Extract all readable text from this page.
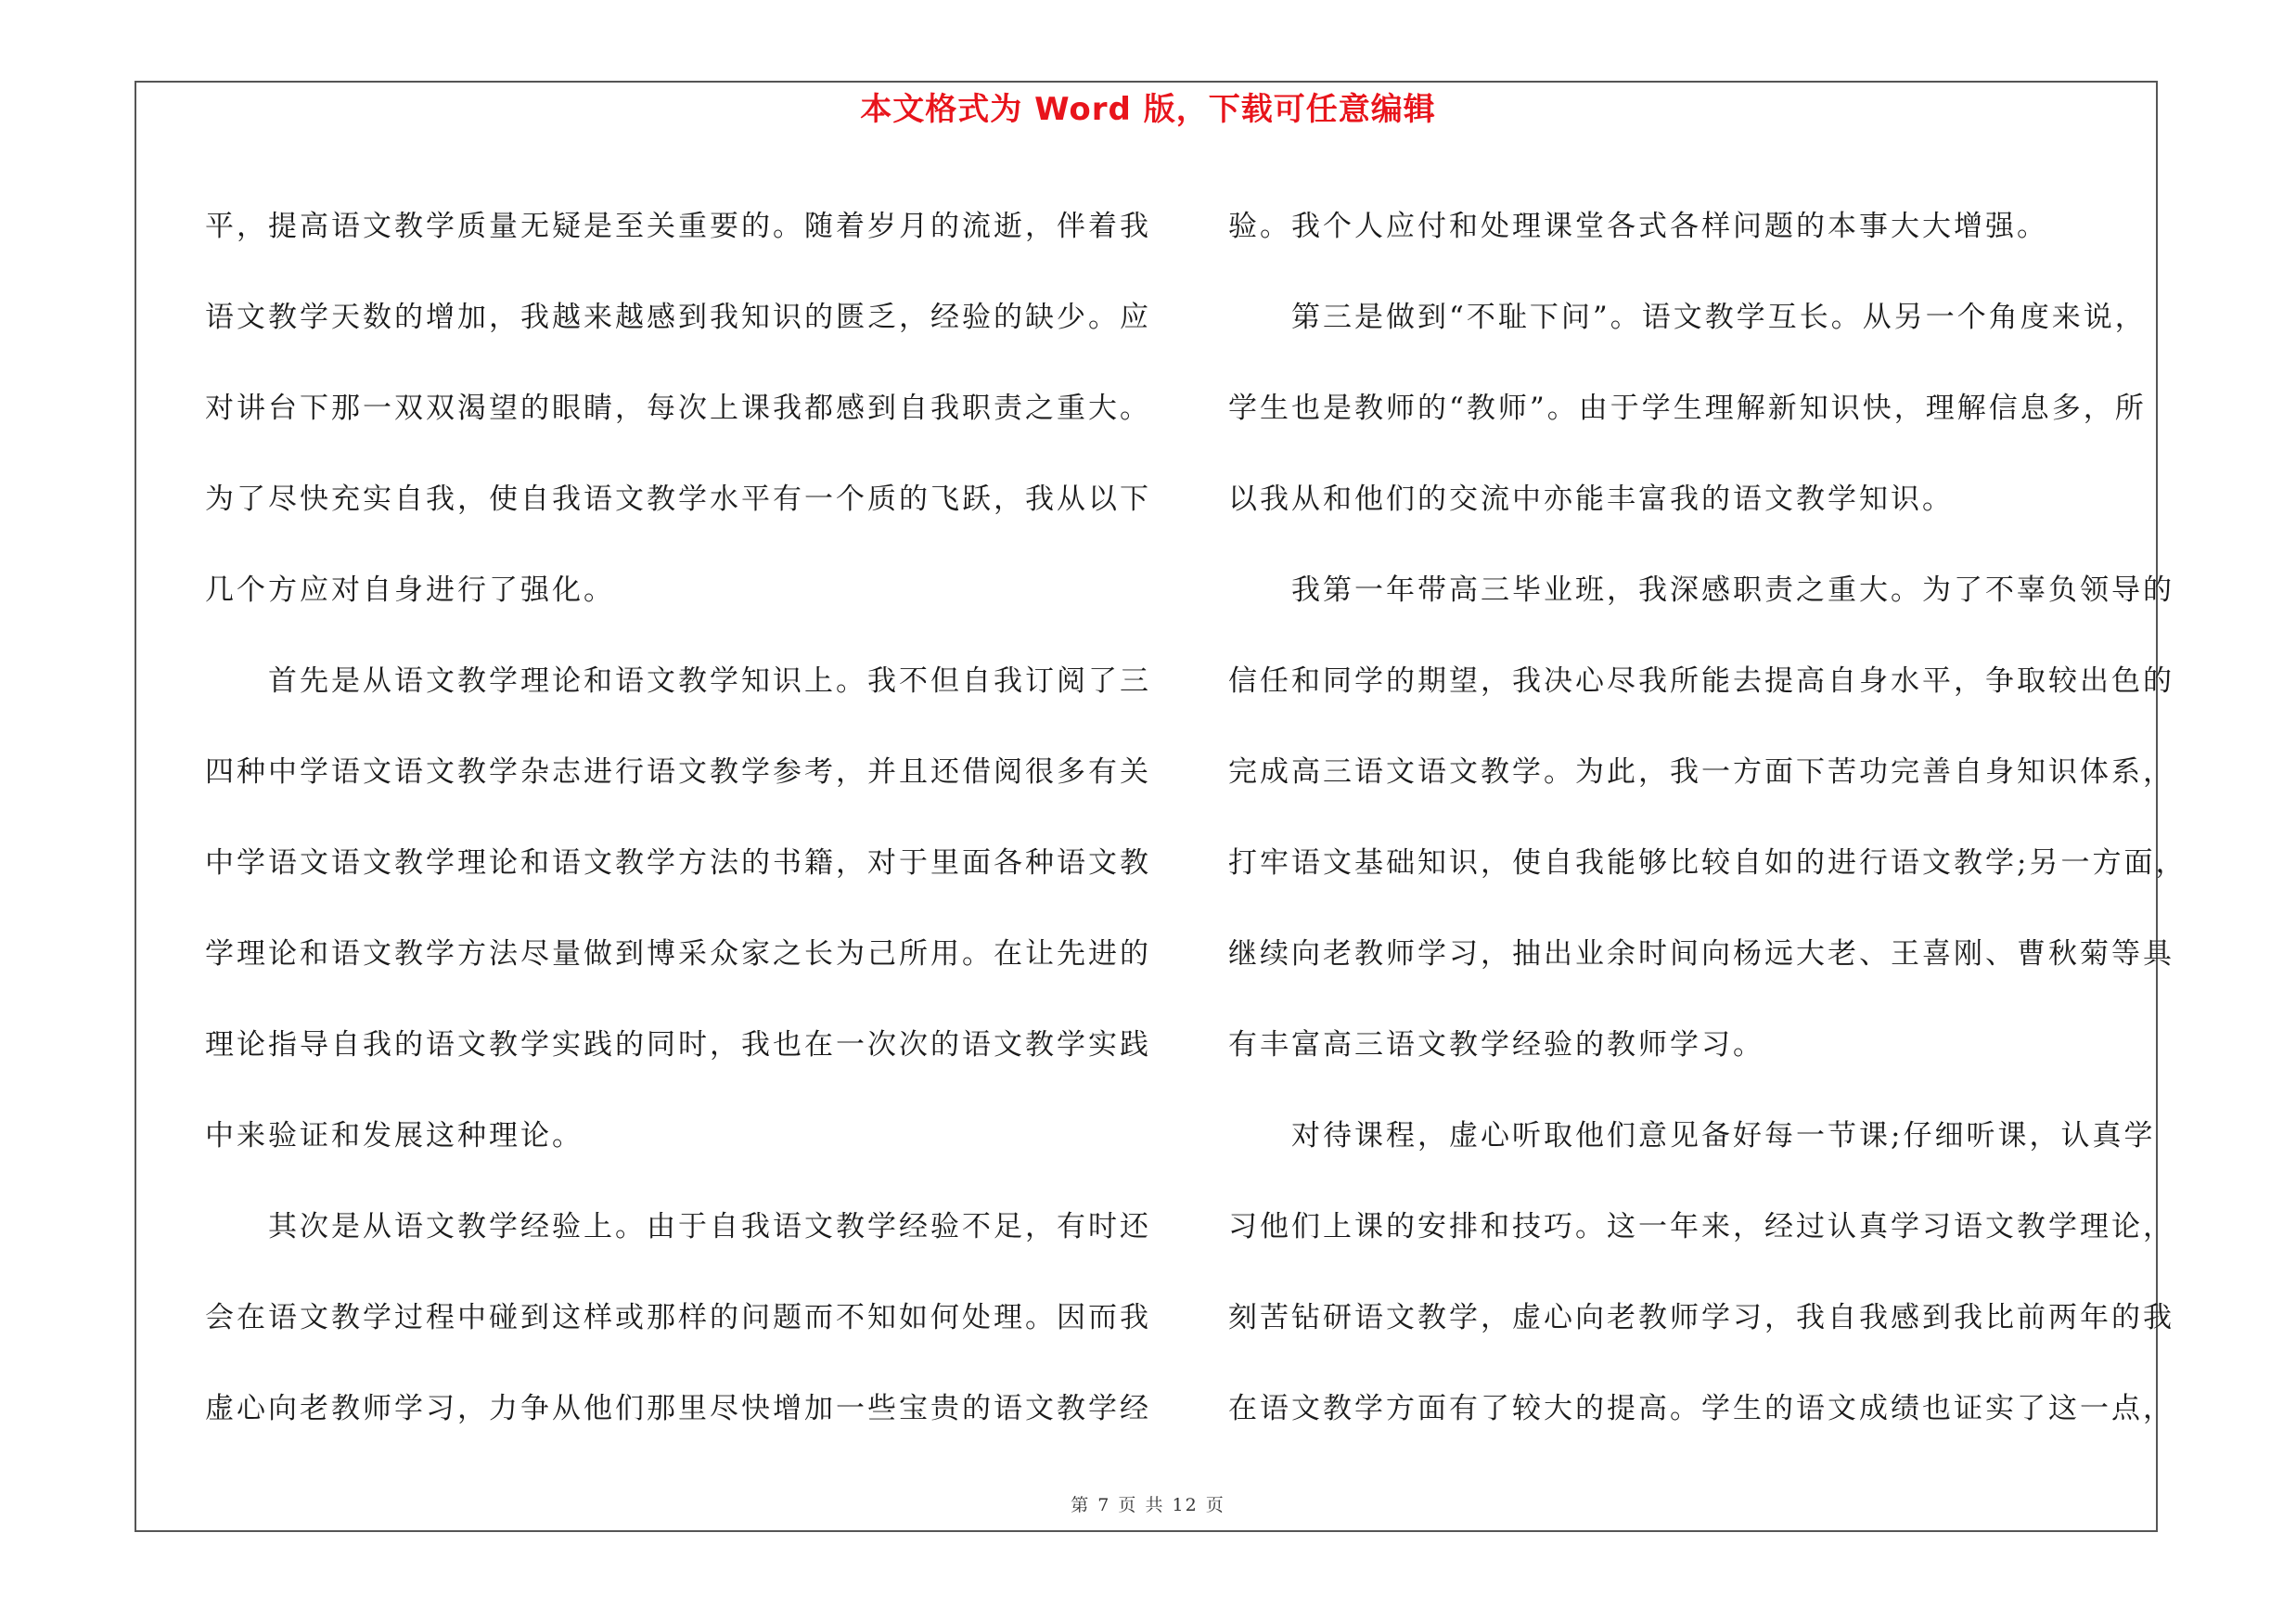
本文格式为 Word 版，下载可任意编辑
平，提高语文教学质量无疑是至关重要的。随着岁月的流逝，伴着我
语文教学天数的增加，我越来越感到我知识的匮乏，经验的缺少。应
对讲台下那一双双渴望的眼睛，每次上课我都感到自我职责之重大。
为了尽快充实自我，使自我语文教学水平有一个质的飞跃，我从以下
几个方应对自身进行了强化。
　　首先是从语文教学理论和语文教学知识上。我不但自我订阅了三
四种中学语文语文教学杂志进行语文教学参考，并且还借阅很多有关
中学语文语文教学理论和语文教学方法的书籍，对于里面各种语文教
学理论和语文教学方法尽量做到博采众家之长为己所用。在让先进的
理论指导自我的语文教学实践的同时，我也在一次次的语文教学实践
中来验证和发展这种理论。
　　其次是从语文教学经验上。由于自我语文教学经验不足，有时还
会在语文教学过程中碰到这样或那样的问题而不知如何处理。因而我
虚心向老教师学习，力争从他们那里尽快增加一些宝贵的语文教学经
验。我个人应付和处理课堂各式各样问题的本事大大增强。
　　第三是做到“不耻下问”。语文教学互长。从另一个角度来说，
学生也是教师的“教师”。由于学生理解新知识快，理解信息多，所
以我从和他们的交流中亦能丰富我的语文教学知识。
　　我第一年带高三毕业班，我深感职责之重大。为了不辜负领导的
信任和同学的期望，我决心尽我所能去提高自身水平，争取较出色的
完成高三语文语文教学。为此，我一方面下苦功完善自身知识体系，
打牢语文基础知识，使自我能够比较自如的进行语文教学;另一方面，
继续向老教师学习，抽出业余时间向杨远大老、王喜刚、曹秋菊等具
有丰富高三语文教学经验的教师学习。
　　对待课程，虚心听取他们意见备好每一节课;仔细听课，认真学
习他们上课的安排和技巧。这一年来，经过认真学习语文教学理论，
刻苦钻研语文教学，虚心向老教师学习，我自我感到我比前两年的我
在语文教学方面有了较大的提高。学生的语文成绩也证实了这一点，
第 7 页 共 12 页
